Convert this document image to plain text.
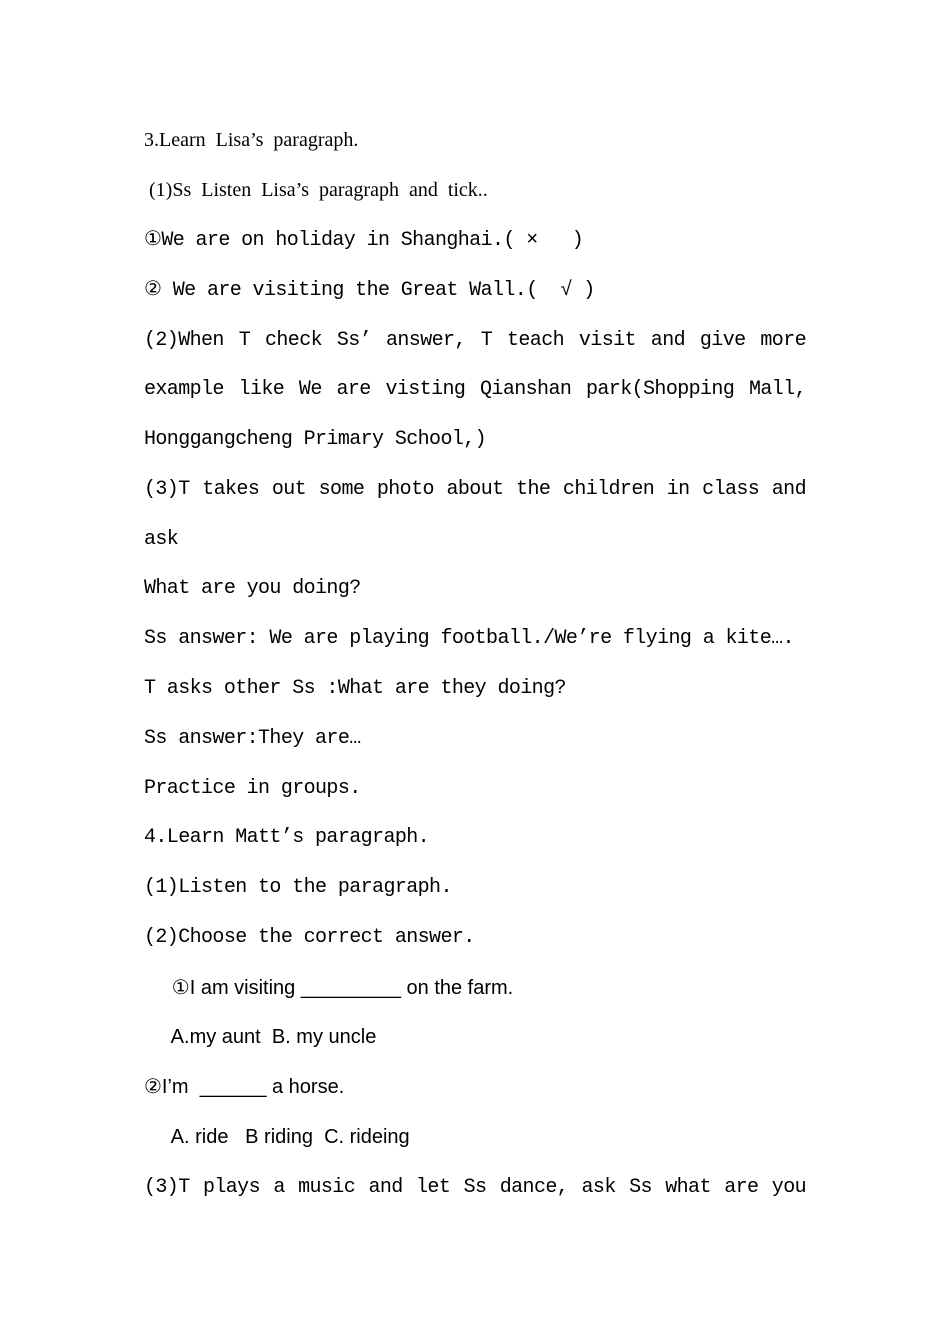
3.Learn  Lisa’s  paragraph.
(1)Ss  Listen  Lisa’s  paragraph  and  tick..
①We are on holiday in Shanghai.( ×   )
② We are visiting the Great Wall.(  √ )
(2)When T check Ss’ answer, T teach visit and give more
example like We are visting Qianshan park(Shopping Mall,
Honggangcheng Primary School,)
(3)T takes out some photo about the children in class and
ask
What are you doing?
Ss answer: We are playing football./We’re flying a kite….
T asks other Ss :What are they doing?
Ss answer:They are…
Practice in groups.
4.Learn Matt’s paragraph.
(1)Listen to the paragraph.
(2)Choose the correct answer.
①I am visiting _________ on the farm.
A.my aunt  B. my uncle
②I’m  ______ a horse.
A. ride   B riding  C. rideing
(3)T plays a music and let Ss dance, ask Ss what are you
